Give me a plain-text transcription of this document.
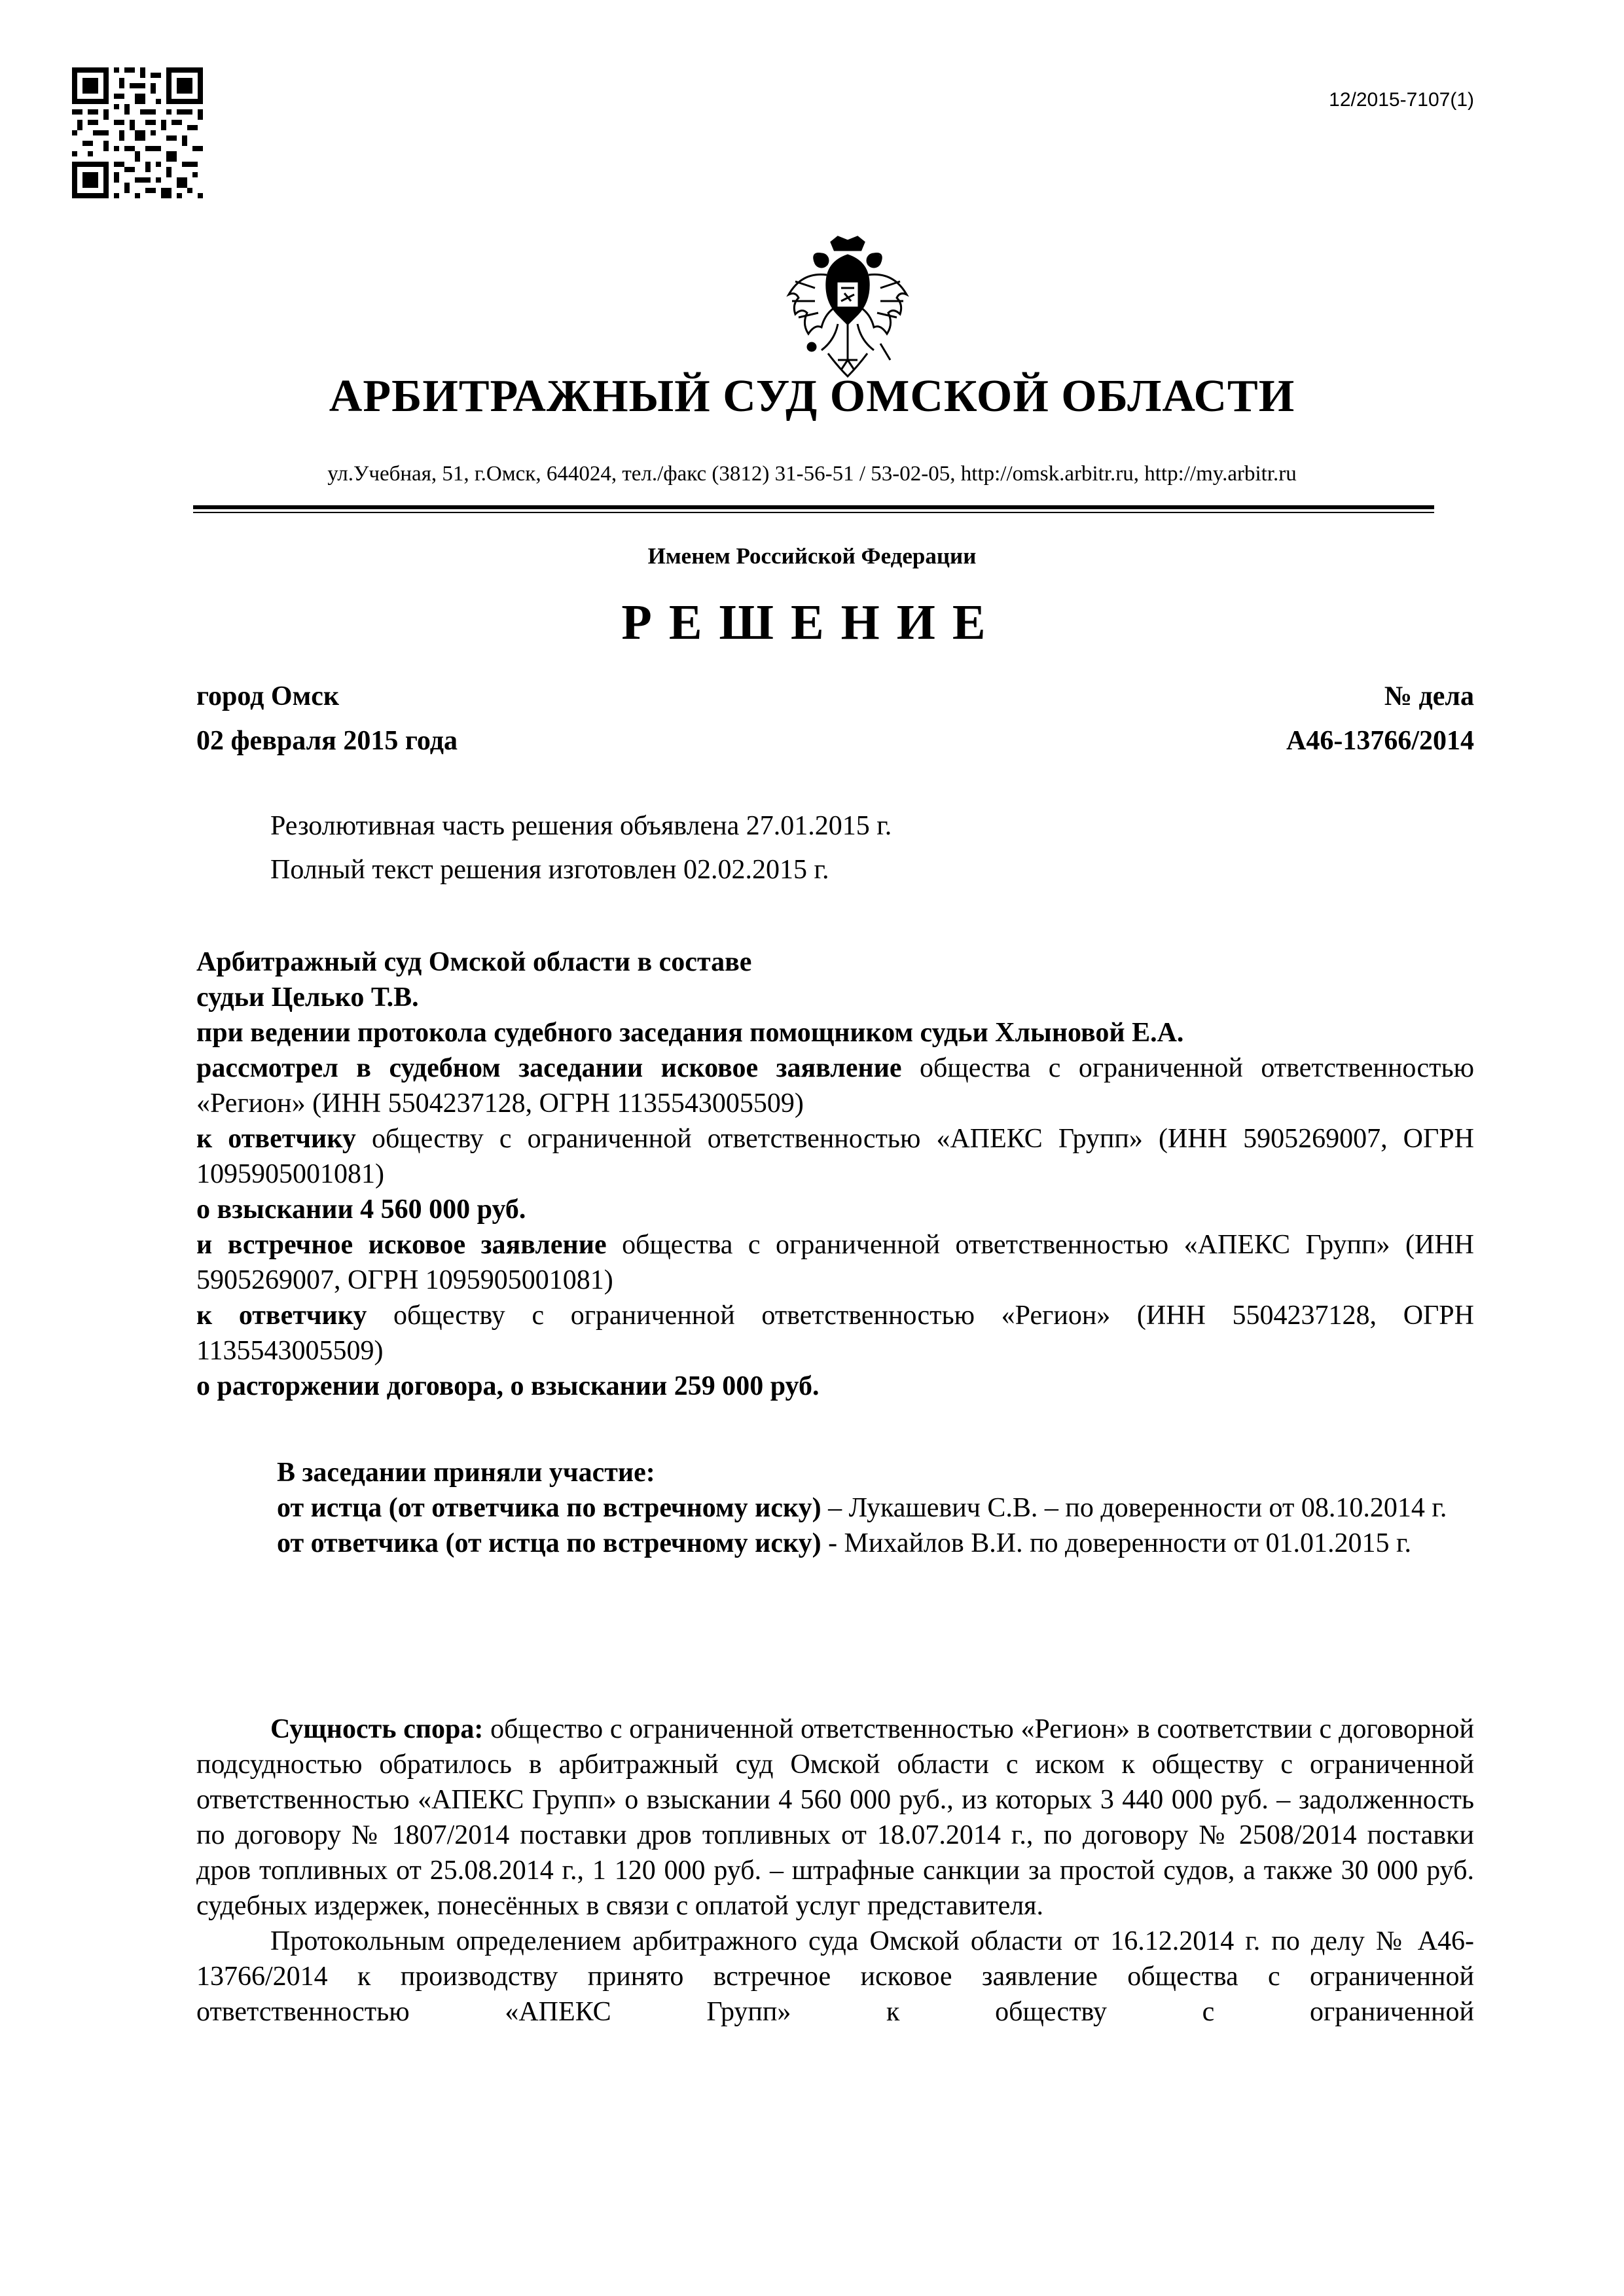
12/2015-7107(1)
АРБИТРАЖНЫЙ СУД ОМСКОЙ ОБЛАСТИ
ул.Учебная, 51, г.Омск, 644024, тел./факс (3812) 31-56-51 / 53-02-05, http://omsk.arbitr.ru, http://my.arbitr.ru
Именем Российской Федерации
РЕШЕНИЕ
город Омск
02 февраля 2015 года
№ дела
А46-13766/2014
Резолютивная часть решения объявлена 27.01.2015 г.
Полный текст решения изготовлен 02.02.2015 г.
Арбитражный суд Омской области в составе
судьи Целько Т.В.
при ведении протокола судебного заседания помощником судьи Хлыновой Е.А.
рассмотрел в судебном заседании исковое заявление общества с ограниченной ответственностью «Регион» (ИНН 5504237128, ОГРН 1135543005509)
к ответчику обществу с ограниченной ответственностью «АПЕКС Групп» (ИНН 5905269007, ОГРН 1095905001081)
о взыскании 4 560 000 руб.
и встречное исковое заявление общества с ограниченной ответственностью «АПЕКС Групп» (ИНН 5905269007, ОГРН 1095905001081)
к ответчику обществу с ограниченной ответственностью «Регион» (ИНН 5504237128, ОГРН 1135543005509)
о расторжении договора, о взыскании 259 000 руб.
В заседании приняли участие:
от истца (от ответчика по встречному иску) – Лукашевич С.В. – по доверенности от 08.10.2014 г.
от ответчика (от истца по встречному иску) - Михайлов В.И. по доверенности от 01.01.2015 г.
Сущность спора: общество с ограниченной ответственностью «Регион» в соответствии с договорной подсудностью обратилось в арбитражный суд Омской области с иском к обществу с ограниченной ответственностью «АПЕКС Групп» о взыскании 4 560 000 руб., из которых 3 440 000 руб. – задолженность по договору № 1807/2014 поставки дров топливных от 18.07.2014 г., по договору № 2508/2014 поставки дров топливных от 25.08.2014 г., 1 120 000 руб. – штрафные санкции за простой судов, а также 30 000 руб. судебных издержек, понесённых в связи с оплатой услуг представителя.
Протокольным определением арбитражного суда Омской области от 16.12.2014 г. по делу № А46-13766/2014 к производству принято встречное исковое заявление общества с ограниченной ответственностью «АПЕКС Групп» к обществу с ограниченной
